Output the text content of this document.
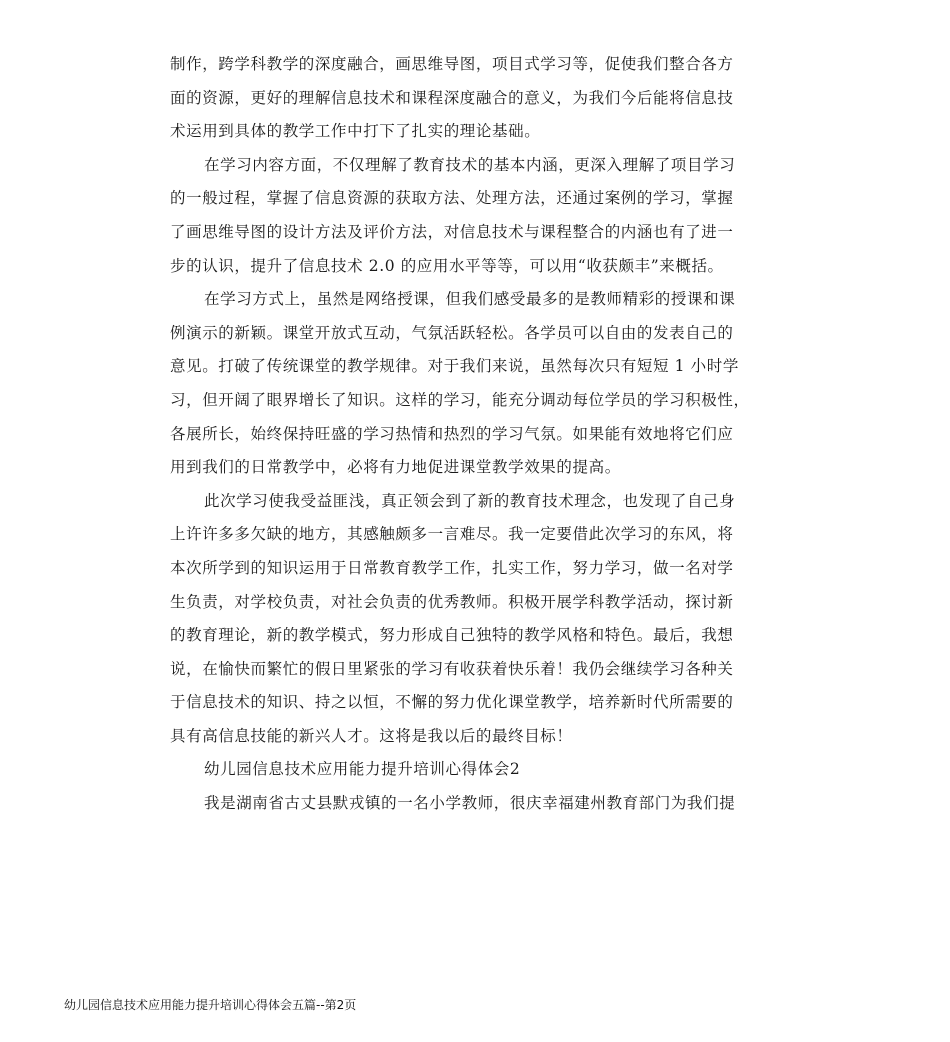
制作，跨学科教学的深度融合，画思维导图，项目式学习等，促使我们整合各方
面的资源，更好的理解信息技术和课程深度融合的意义，为我们今后能将信息技
术运用到具体的教学工作中打下了扎实的理论基础。
在学习内容方面，不仅理解了教育技术的基本内涵，更深入理解了项目学习
的一般过程，掌握了信息资源的获取方法、处理方法，还通过案例的学习，掌握
了画思维导图的设计方法及评价方法，对信息技术与课程整合的内涵也有了进一
步的认识，提升了信息技术 2.0 的应用水平等等，可以用“收获颇丰”来概括。
在学习方式上，虽然是网络授课，但我们感受最多的是教师精彩的授课和课
例演示的新颖。课堂开放式互动，气氛活跃轻松。各学员可以自由的发表自己的
意见。打破了传统课堂的教学规律。对于我们来说，虽然每次只有短短 1 小时学
习，但开阔了眼界增长了知识。这样的学习，能充分调动每位学员的学习积极性，
各展所长，始终保持旺盛的学习热情和热烈的学习气氛。如果能有效地将它们应
用到我们的日常教学中，必将有力地促进课堂教学效果的提高。
此次学习使我受益匪浅，真正领会到了新的教育技术理念，也发现了自己身
上许许多多欠缺的地方，其感触颇多一言难尽。我一定要借此次学习的东风，将
本次所学到的知识运用于日常教育教学工作，扎实工作，努力学习，做一名对学
生负责，对学校负责，对社会负责的优秀教师。积极开展学科教学活动，探讨新
的教育理论，新的教学模式，努力形成自己独特的教学风格和特色。最后，我想
说，在愉快而繁忙的假日里紧张的学习有收获着快乐着！我仍会继续学习各种关
于信息技术的知识、持之以恒，不懈的努力优化课堂教学，培养新时代所需要的
具有高信息技能的新兴人才。这将是我以后的最终目标！
幼儿园信息技术应用能力提升培训心得体会2
我是湖南省古丈县默戎镇的一名小学教师，很庆幸福建州教育部门为我们提
幼儿园信息技术应用能力提升培训心得体会五篇--第2页
